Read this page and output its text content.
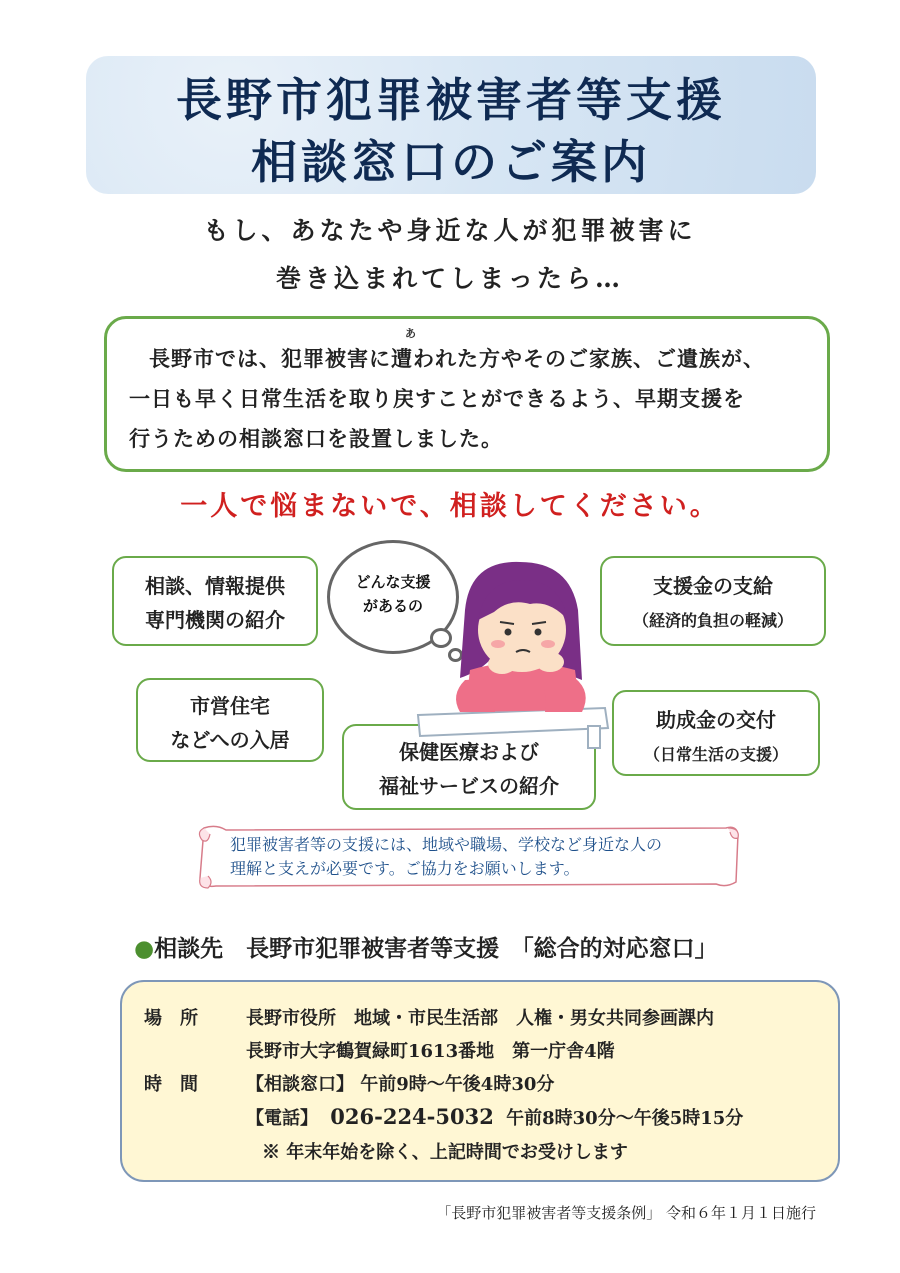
長野市犯罪被害者等支援
相談窓口のご案内
もし、あなたや身近な人が犯罪被害に
巻き込まれてしまったら…
あ
長野市では、犯罪被害に遭われた方やそのご家族、ご遺族が、
一日も早く日常生活を取り戻すことができるよう、早期支援を
行うための相談窓口を設置しました。
一人で悩まないで、相談してください。
相談、情報提供
専門機関の紹介
市営住宅
などへの入居	保健医療および
福祉サービスの紹介
支援金の支給
（経済的負担の軽減）
助成金の交付
（日常生活の支援）
どんな支援
があるの
犯罪被害者等の支援には、地域や職場、学校など身近な人の
理解と支えが必要です。ご協力をお願いします。
●相談先　長野市犯罪被害者等支援　「総合的対応窓口」
場　所	長野市役所　地域・市民生活部　人権・男女共同参画課内
長野市大字鶴賀緑町1613番地　第一庁舎4階
時　間	【相談窓口】 午前9時～午後4時30分
【電話】 026-224-5032 午前8時30分～午後5時15分
※ 年末年始を除く、上記時間でお受けします
「長野市犯罪被害者等支援条例」 令和６年１月１日施行
